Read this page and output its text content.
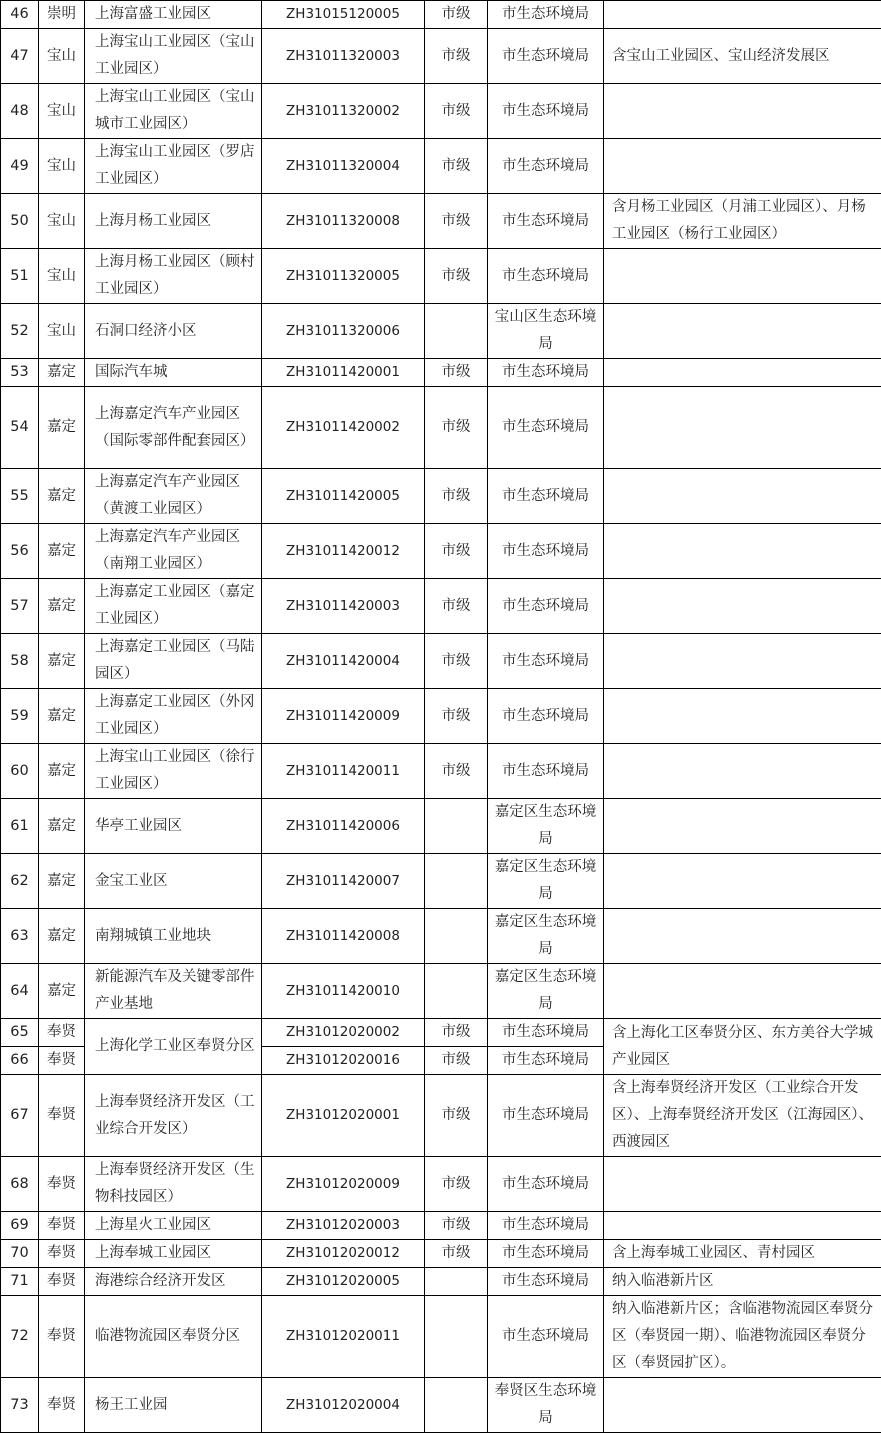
46	崇明	上海富盛工业园区	ZH31015120005	市级	市生态环境局	
47	宝山	上海宝山工业园区（宝山工业园区）	ZH31011320003	市级	市生态环境局	含宝山工业园区、宝山经济发展区
48	宝山	上海宝山工业园区（宝山城市工业园区）	ZH31011320002	市级	市生态环境局	
49	宝山	上海宝山工业园区（罗店工业园区）	ZH31011320004	市级	市生态环境局	
50	宝山	上海月杨工业园区	ZH31011320008	市级	市生态环境局	含月杨工业园区（月浦工业园区）、月杨工业园区（杨行工业园区）
51	宝山	上海月杨工业园区（顾村工业园区）	ZH31011320005	市级	市生态环境局	
52	宝山	石洞口经济小区	ZH31011320006		宝山区生态环境局	
53	嘉定	国际汽车城	ZH31011420001	市级	市生态环境局	
54	嘉定	上海嘉定汽车产业园区（国际零部件配套园区）	ZH31011420002	市级	市生态环境局	
55	嘉定	上海嘉定汽车产业园区（黄渡工业园区）	ZH31011420005	市级	市生态环境局	
56	嘉定	上海嘉定汽车产业园区（南翔工业园区）	ZH31011420012	市级	市生态环境局	
57	嘉定	上海嘉定工业园区（嘉定工业园区）	ZH31011420003	市级	市生态环境局	
58	嘉定	上海嘉定工业园区（马陆园区）	ZH31011420004	市级	市生态环境局	
59	嘉定	上海嘉定工业园区（外冈工业园区）	ZH31011420009	市级	市生态环境局	
60	嘉定	上海宝山工业园区（徐行工业园区）	ZH31011420011	市级	市生态环境局	
61	嘉定	华亭工业园区	ZH31011420006		嘉定区生态环境局	
62	嘉定	金宝工业区	ZH31011420007		嘉定区生态环境局	
63	嘉定	南翔城镇工业地块	ZH31011420008		嘉定区生态环境局	
64	嘉定	新能源汽车及关键零部件产业基地	ZH31011420010		嘉定区生态环境局	
65	奉贤	上海化学工业区奉贤分区	ZH31012020002	市级	市生态环境局	含上海化工区奉贤分区、东方美谷大学城产业园区
66	奉贤		ZH31012020016	市级	市生态环境局	
67	奉贤	上海奉贤经济开发区（工业综合开发区）	ZH31012020001	市级	市生态环境局	含上海奉贤经济开发区（工业综合开发区）、上海奉贤经济开发区（江海园区）、西渡园区
68	奉贤	上海奉贤经济开发区（生物科技园区）	ZH31012020009	市级	市生态环境局	
69	奉贤	上海星火工业园区	ZH31012020003	市级	市生态环境局	
70	奉贤	上海奉城工业园区	ZH31012020012	市级	市生态环境局	含上海奉城工业园区、青村园区
71	奉贤	海港综合经济开发区	ZH31012020005		市生态环境局	纳入临港新片区
72	奉贤	临港物流园区奉贤分区	ZH31012020011		市生态环境局	纳入临港新片区；含临港物流园区奉贤分区（奉贤园一期）、临港物流园区奉贤分区（奉贤园扩区）。
73	奉贤	杨王工业园	ZH31012020004		奉贤区生态环境局	
